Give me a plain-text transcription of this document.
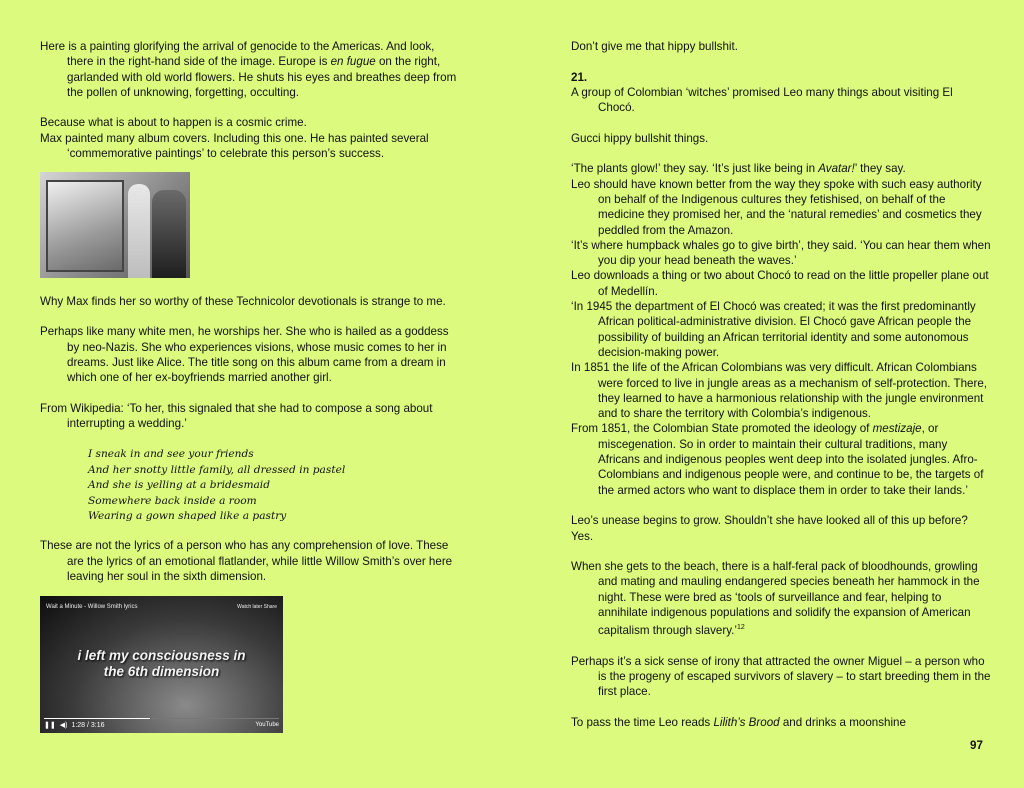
Here is a painting glorifying the arrival of genocide to the Americas. And look, there in the right-hand side of the image. Europe is en fugue on the right, garlanded with old world flowers. He shuts his eyes and breathes deep from the pollen of unknowing, forgetting, occulting.

Because what is about to happen is a cosmic crime.

Max painted many album covers. Including this one. He has painted several ‘commemorative paintings’ to celebrate this person’s success.

Why Max finds her so worthy of these Technicolor devotionals is strange to me.

Perhaps like many white men, he worships her. She who is hailed as a goddess by neo-Nazis. She who experiences visions, whose music comes to her in dreams. Just like Alice. The title song on this album came from a dream in which one of her ex-boyfriends married another girl.

From Wikipedia: ‘To her, this signaled that she had to compose a song about interrupting a wedding.’

I sneak in and see your friends
And her snotty little family, all dressed in pastel
And she is yelling at a bridesmaid
Somewhere back inside a room
Wearing a gown shaped like a pastry

These are not the lyrics of a person who has any comprehension of love. These are the lyrics of an emotional flatlander, while little Willow Smith’s over here leaving her soul in the sixth dimension.

Wait a Minute - Willow Smith lyrics	Watch later Share
i left my consciousness in
the 6th dimension
❚❚ ◀) 1:28 / 3:16	YouTube

Don’t give me that hippy bullshit.

21.

A group of Colombian ‘witches’ promised Leo many things about visiting El Chocó.

Gucci hippy bullshit things.

‘The plants glow!’ they say. ‘It’s just like being in Avatar!’ they say.

Leo should have known better from the way they spoke with such easy authority on behalf of the Indigenous cultures they fetishised, on behalf of the medicine they promised her, and the ‘natural remedies’ and cosmetics they peddled from the Amazon.

‘It’s where humpback whales go to give birth’, they said. ‘You can hear them when you dip your head beneath the waves.’

Leo downloads a thing or two about Chocó to read on the little propeller plane out of Medellín.

‘In 1945 the department of El Chocó was created; it was the first predominantly African political-administrative division. El Chocó gave African people the possibility of building an African territorial identity and some autonomous decision-making power.

In 1851 the life of the African Colombians was very difficult. African Colombians were forced to live in jungle areas as a mechanism of self-protection. There, they learned to have a harmonious relationship with the jungle environment and to share the territory with Colombia’s indigenous.

From 1851, the Colombian State promoted the ideology of mestizaje, or miscegenation. So in order to maintain their cultural traditions, many Africans and indigenous peoples went deep into the isolated jungles. Afro-Colombians and indigenous people were, and continue to be, the targets of the armed actors who want to displace them in order to take their lands.’

Leo’s unease begins to grow. Shouldn’t she have looked all of this up before?

Yes.

When she gets to the beach, there is a half-feral pack of bloodhounds, growling and mating and mauling endangered species beneath her hammock in the night. These were bred as ‘tools of surveillance and fear, helping to annihilate indigenous populations and solidify the expansion of American capitalism through slavery.’$^{12}$

Perhaps it’s a sick sense of irony that attracted the owner Miguel – a person who is the progeny of escaped survivors of slavery – to start breeding them in the first place.

To pass the time Leo reads Lilith’s Brood and drinks a moonshine

97
